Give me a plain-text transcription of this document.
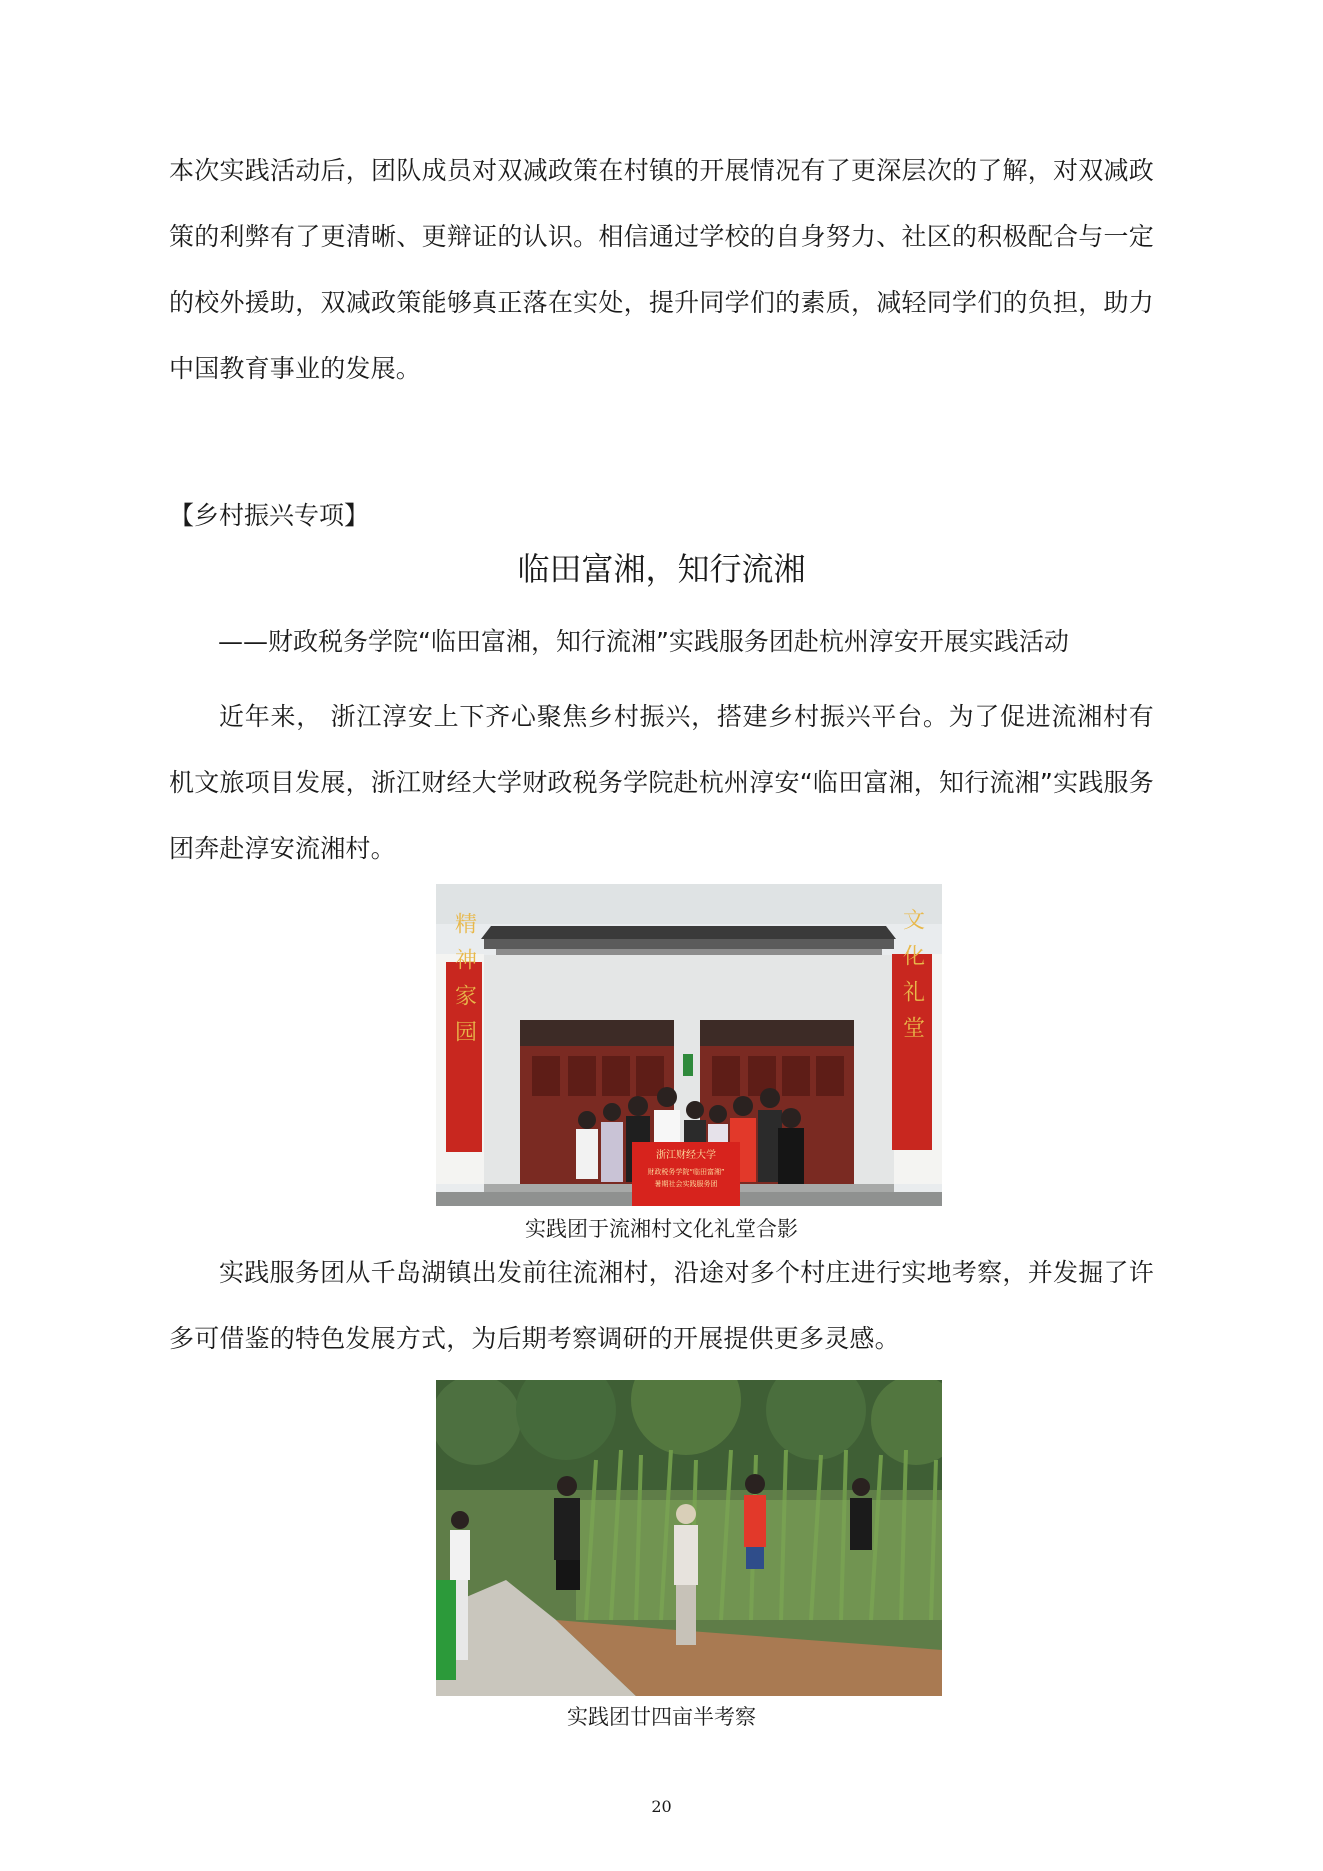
本次实践活动后，团队成员对双减政策在村镇的开展情况有了更深层次的了解，对双减政策的利弊有了更清晰、更辩证的认识。相信通过学校的自身努力、社区的积极配合与一定的校外援助，双减政策能够真正落在实处，提升同学们的素质，减轻同学们的负担，助力中国教育事业的发展。

【乡村振兴专项】

临田富湘，知行流湘

——财政税务学院“临田富湘，知行流湘”实践服务团赴杭州淳安开展实践活动

近年来， 浙江淳安上下齐心聚焦乡村振兴，搭建乡村振兴平台。为了促进流湘村有机文旅项目发展，浙江财经大学财政税务学院赴杭州淳安“临田富湘，知行流湘”实践服务团奔赴淳安流湘村。

精神家园	文化礼堂
浙江财经大学
财政税务学院“临田富湘”
暑期社会实践服务团

实践团于流湘村文化礼堂合影

实践服务团从千岛湖镇出发前往流湘村，沿途对多个村庄进行实地考察，并发掘了许多可借鉴的特色发展方式，为后期考察调研的开展提供更多灵感。

实践团廿四亩半考察

20
